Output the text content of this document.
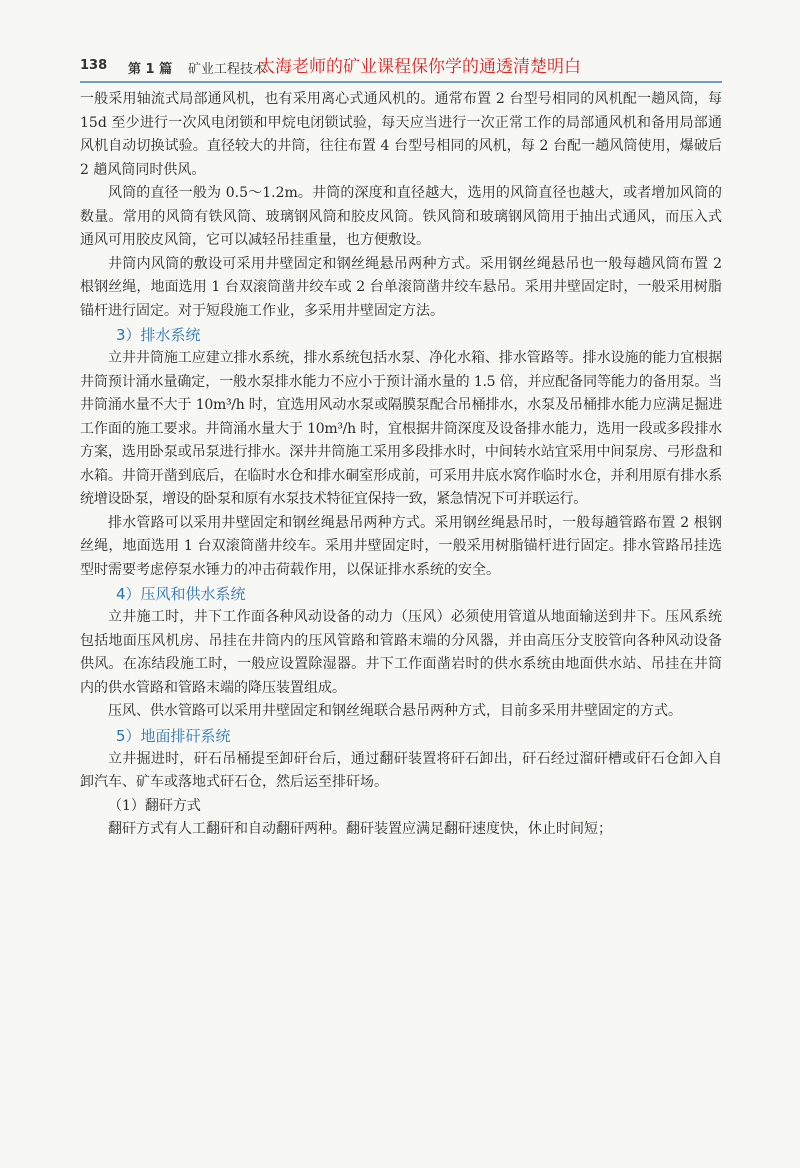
138 第 1 篇 矿业工程技术
太海老师的矿业课程保你学的通透清楚明白

一般采用轴流式局部通风机，也有采用离心式通风机的。通常布置 2 台型号相同的风机配一趟风筒，每 15d 至少进行一次风电闭锁和甲烷电闭锁试验，每天应当进行一次正常工作的局部通风机和备用局部通风机自动切换试验。直径较大的井筒，往往布置 4 台型号相同的风机，每 2 台配一趟风筒使用，爆破后 2 趟风筒同时供风。

风筒的直径一般为 0.5～1.2m。井筒的深度和直径越大，选用的风筒直径也越大，或者增加风筒的数量。常用的风筒有铁风筒、玻璃钢风筒和胶皮风筒。铁风筒和玻璃钢风筒用于抽出式通风，而压入式通风可用胶皮风筒，它可以减轻吊挂重量，也方便敷设。

井筒内风筒的敷设可采用井壁固定和钢丝绳悬吊两种方式。采用钢丝绳悬吊也一般每趟风筒布置 2 根钢丝绳，地面选用 1 台双滚筒凿井绞车或 2 台单滚筒凿井绞车悬吊。采用井壁固定时，一般采用树脂锚杆进行固定。对于短段施工作业，多采用井壁固定方法。

3）排水系统

立井井筒施工应建立排水系统，排水系统包括水泵、净化水箱、排水管路等。排水设施的能力宜根据井筒预计涌水量确定，一般水泵排水能力不应小于预计涌水量的 1.5 倍，并应配备同等能力的备用泵。当井筒涌水量不大于 10m³/h 时，宜选用风动水泵或隔膜泵配合吊桶排水，水泵及吊桶排水能力应满足掘进工作面的施工要求。井筒涌水量大于 10m³/h 时，宜根据井筒深度及设备排水能力，选用一段或多段排水方案，选用卧泵或吊泵进行排水。深井井筒施工采用多段排水时，中间转水站宜采用中间泵房、弓形盘和水箱。井筒开凿到底后，在临时水仓和排水硐室形成前，可采用井底水窝作临时水仓，并利用原有排水系统增设卧泵，增设的卧泵和原有水泵技术特征宜保持一致，紧急情况下可并联运行。

排水管路可以采用井壁固定和钢丝绳悬吊两种方式。采用钢丝绳悬吊时，一般每趟管路布置 2 根钢丝绳，地面选用 1 台双滚筒凿井绞车。采用井壁固定时，一般采用树脂锚杆进行固定。排水管路吊挂选型时需要考虑停泵水锤力的冲击荷载作用，以保证排水系统的安全。

4）压风和供水系统

立井施工时，井下工作面各种风动设备的动力（压风）必须使用管道从地面输送到井下。压风系统包括地面压风机房、吊挂在井筒内的压风管路和管路末端的分风器，并由高压分支胶管向各种风动设备供风。在冻结段施工时，一般应设置除湿器。井下工作面凿岩时的供水系统由地面供水站、吊挂在井筒内的供水管路和管路末端的降压装置组成。

压风、供水管路可以采用井壁固定和钢丝绳联合悬吊两种方式，目前多采用井壁固定的方式。

5）地面排矸系统

立井掘进时，矸石吊桶提至卸矸台后，通过翻矸装置将矸石卸出，矸石经过溜矸槽或矸石仓卸入自卸汽车、矿车或落地式矸石仓，然后运至排矸场。

（1）翻矸方式

翻矸方式有人工翻矸和自动翻矸两种。翻矸装置应满足翻矸速度快，休止时间短；
